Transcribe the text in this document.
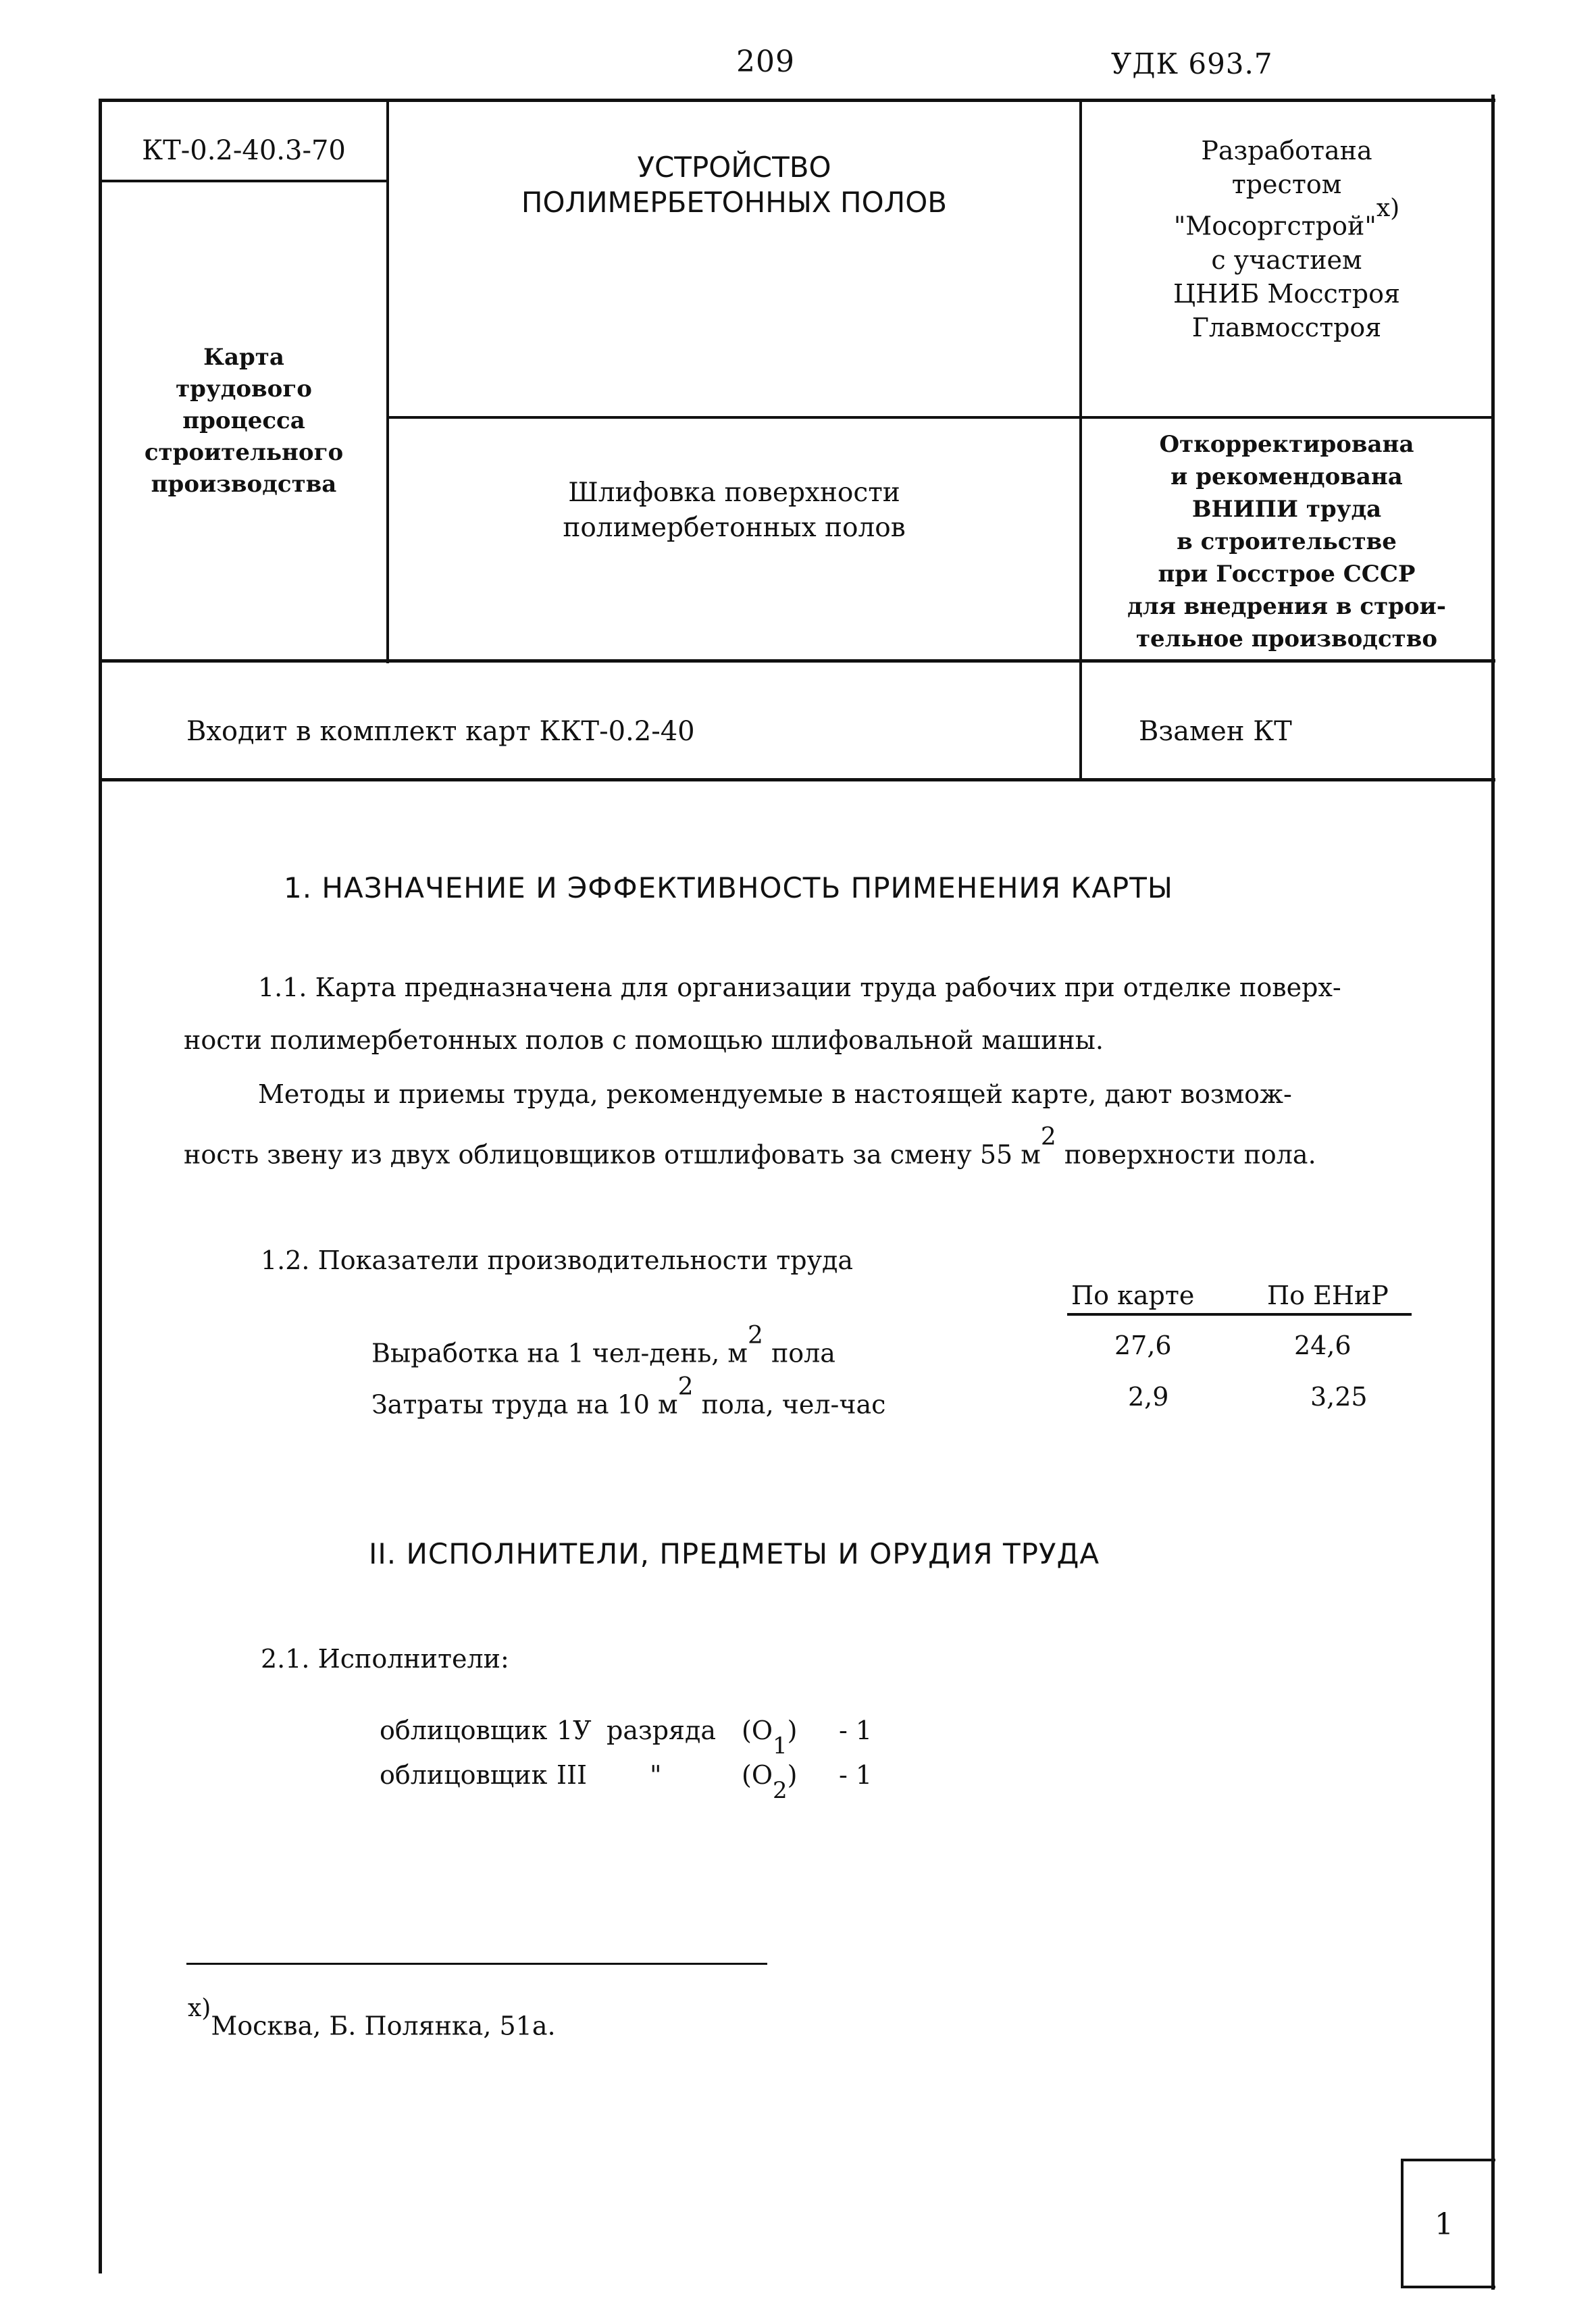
209	УДК 693.7
КТ-0.2-40.3-70
Карта
трудового
процесса
строительного
производства
УСТРОЙСТВО
ПОЛИМЕРБЕТОННЫХ ПОЛОВ
Шлифовка поверхности
полимербетонных полов
Разработана
трестом
"Мосоргстрой"$^{x)}$
с участием
ЦНИБ Мосстроя
Главмосстроя
Откорректирована
и рекомендована
ВНИПИ труда
в строительстве
при Госстрое СССР
для внедрения в строи-
тельное производство
Входит в комплект карт ККТ-0.2-40	Взамен КТ
1. НАЗНАЧЕНИЕ И ЭФФЕКТИВНОСТЬ ПРИМЕНЕНИЯ КАРТЫ
1.1. Карта предназначена для организации труда рабочих при отделке поверх-
ности полимербетонных полов с помощью шлифовальной машины.
Методы и приемы труда, рекомендуемые в настоящей карте, дают возмож-
ность звену из двух облицовщиков отшлифовать за смену 55 $м^2$ поверхности пола.
1.2. Показатели производительности труда
По карте	По ЕНиР
Выработка на 1 чел-день, $м^2$ пола	27,6	24,6
Затраты труда на 10 $м^2$ пола, чел-час	2,9	3,25
II. ИСПОЛНИТЕЛИ, ПРЕДМЕТЫ И ОРУДИЯ ТРУДА
2.1. Исполнители:
облицовщик 1У разряда $(O_1) - 1$
облицовщик III "	$(O_2) - 1$
$^{x)}$Москва, Б. Полянка, 51а.
1
